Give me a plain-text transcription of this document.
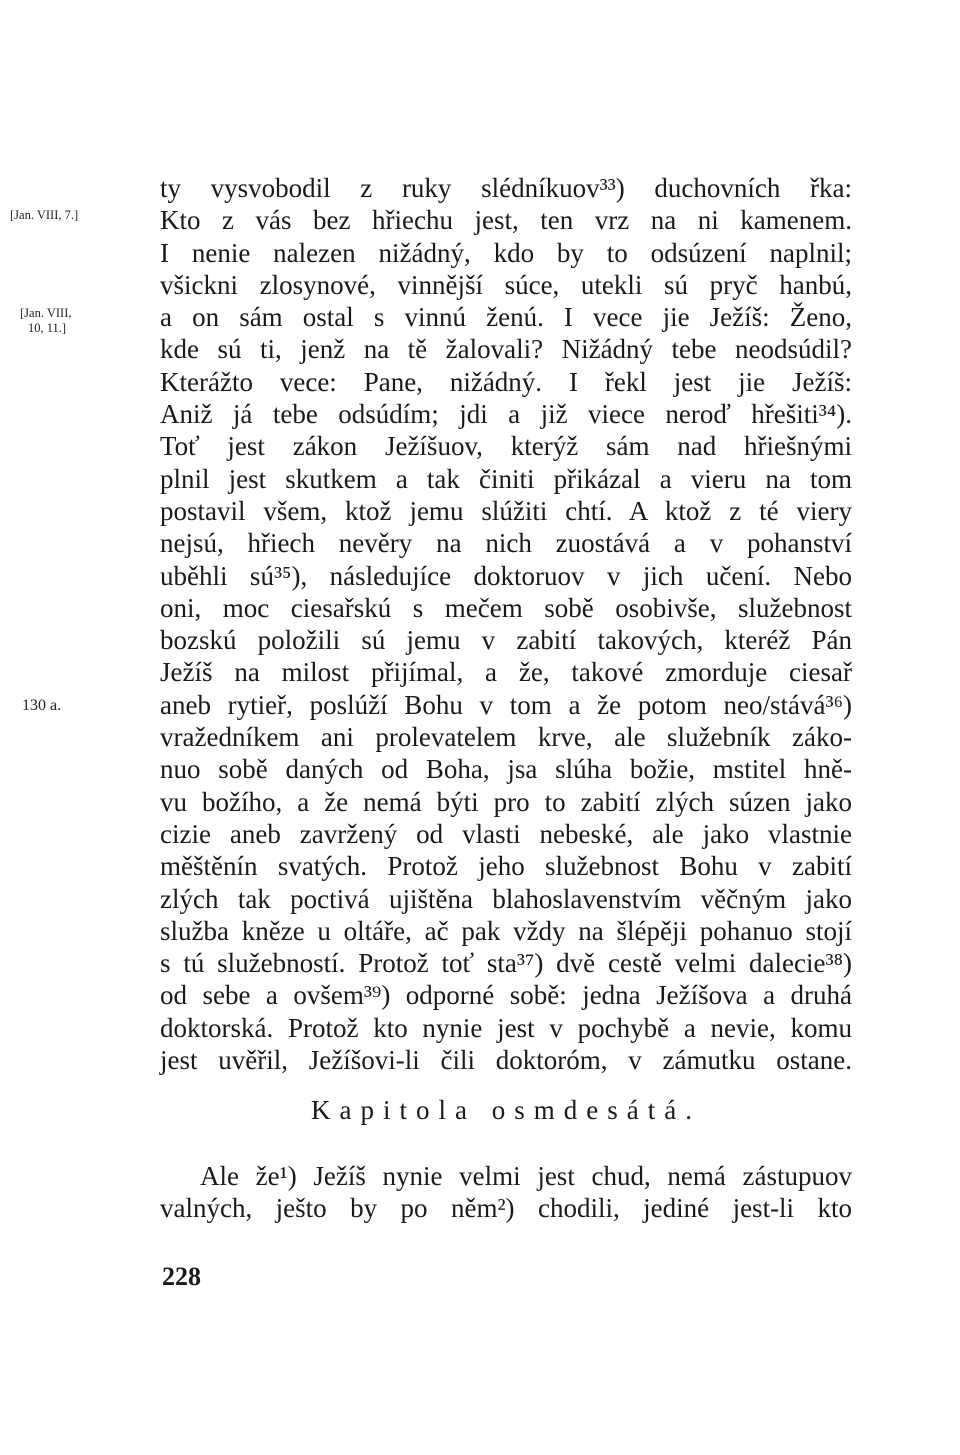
[Jan. VIII, 7.]
[Jan. VIII,
10, 11.]
130 a.
ty vysvobodil z ruky slédníkuov³³) duchovních řka:
Kto z vás bez hřiechu jest, ten vrz na ni kamenem.
I nenie nalezen nižádný, kdo by to odsúzení naplnil;
všickni zlosynové, vinnější súce, utekli sú pryč hanbú,
a on sám ostal s vinnú ženú. I vece jie Ježíš: Ženo,
kde sú ti, jenž na tě žalovali? Nižádný tebe neodsúdil?
Kterážto vece: Pane, nižádný. I řekl jest jie Ježíš:
Aniž já tebe odsúdím; jdi a již viece neroď hřešiti³⁴).
Toť jest zákon Ježíšuov, kterýž sám nad hřiešnými
plnil jest skutkem a tak činiti přikázal a vieru na tom
postavil všem, ktož jemu slúžiti chtí. A ktož z té viery
nejsú, hřiech nevěry na nich zuostává a v pohanství
uběhli sú³⁵), následujíce doktoruov v jich učení. Nebo
oni, moc ciesařskú s mečem sobě osobivše, služebnost
bozskú položili sú jemu v zabití takových, kteréž Pán
Ježíš na milost přijímal, a že, takové zmorduje ciesař
aneb rytieř, poslúží Bohu v tom a že potom neo/stává³⁶)
vražedníkem ani prolevatelem krve, ale služebník záko-
nuo sobě daných od Boha, jsa slúha božie, mstitel hně-
vu božího, a že nemá býti pro to zabití zlých súzen jako
cizie aneb zavržený od vlasti nebeské, ale jako vlastnie
měštěnín svatých. Protož jeho služebnost Bohu v zabití
zlých tak poctivá ujištěna blahoslavenstvím věčným jako
služba kněze u oltáře, ač pak vždy na šlépěji pohanuo stojí
s tú služebností. Protož toť sta³⁷) dvě cestě velmi dalecie³⁸)
od sebe a ovšem³⁹) odporné sobě: jedna Ježíšova a druhá
doktorská. Protož kto nynie jest v pochybě a nevie, komu
jest uvěřil, Ježíšovi-li čili doktoróm, v zámutku ostane.
Kapitola osmdesátá.
Ale že¹) Ježíš nynie velmi jest chud, nemá zástupuov
valných, ješto by po něm²) chodili, jediné jest-li kto
228
